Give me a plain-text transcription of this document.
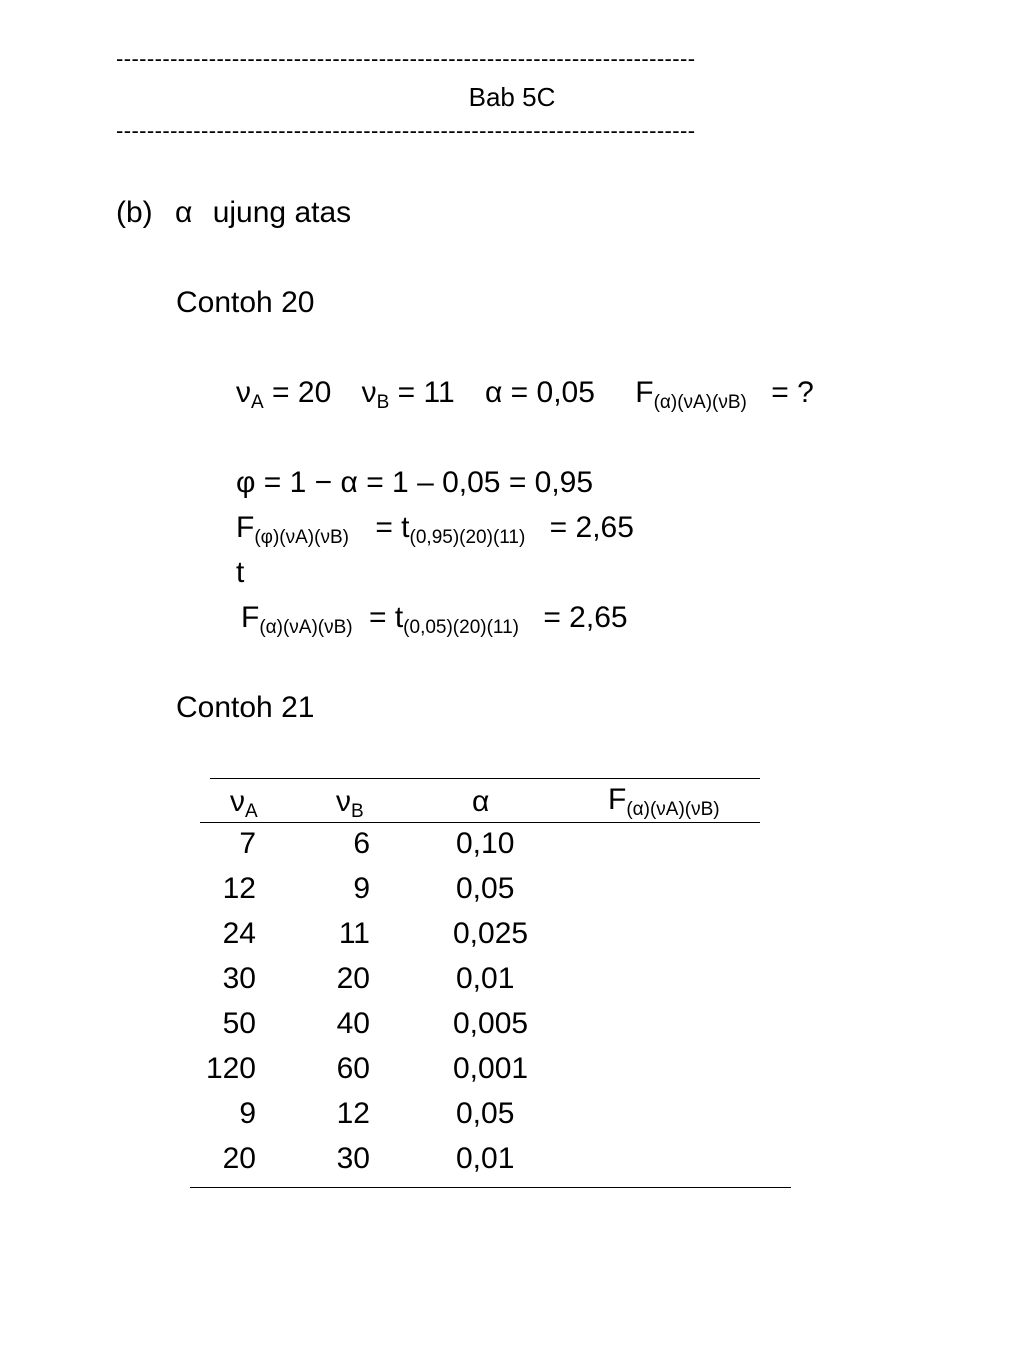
---------------------------------------------------------------------------
Bab 5C
---------------------------------------------------------------------------
(b) α ujung atas
Contoh 20
$\nu_A = 20$ $\nu_B = 11$ α = 0,05 $F_{(\alpha)(\nu A)(\nu B)}$ = ?
φ = 1 − α = 1 – 0,05 = 0,95
$F_{(\varphi)(\nu A)(\nu B)} = t_{(0,95)(20)(11)} = 2,65$
t
$F_{(\alpha)(\nu A)(\nu B)} = t_{(0,05)(20)(11)} = 2,65$
Contoh 21
$\nu_A$	$\nu_B$	α	$F_{(\alpha)(\nu A)(\nu B)}$
7	6	0,10
12	9	0,05
24	11	0,025
30	20	0,01
50	40	0,005
120	60	0,001
9	12	0,05
20	30	0,01
